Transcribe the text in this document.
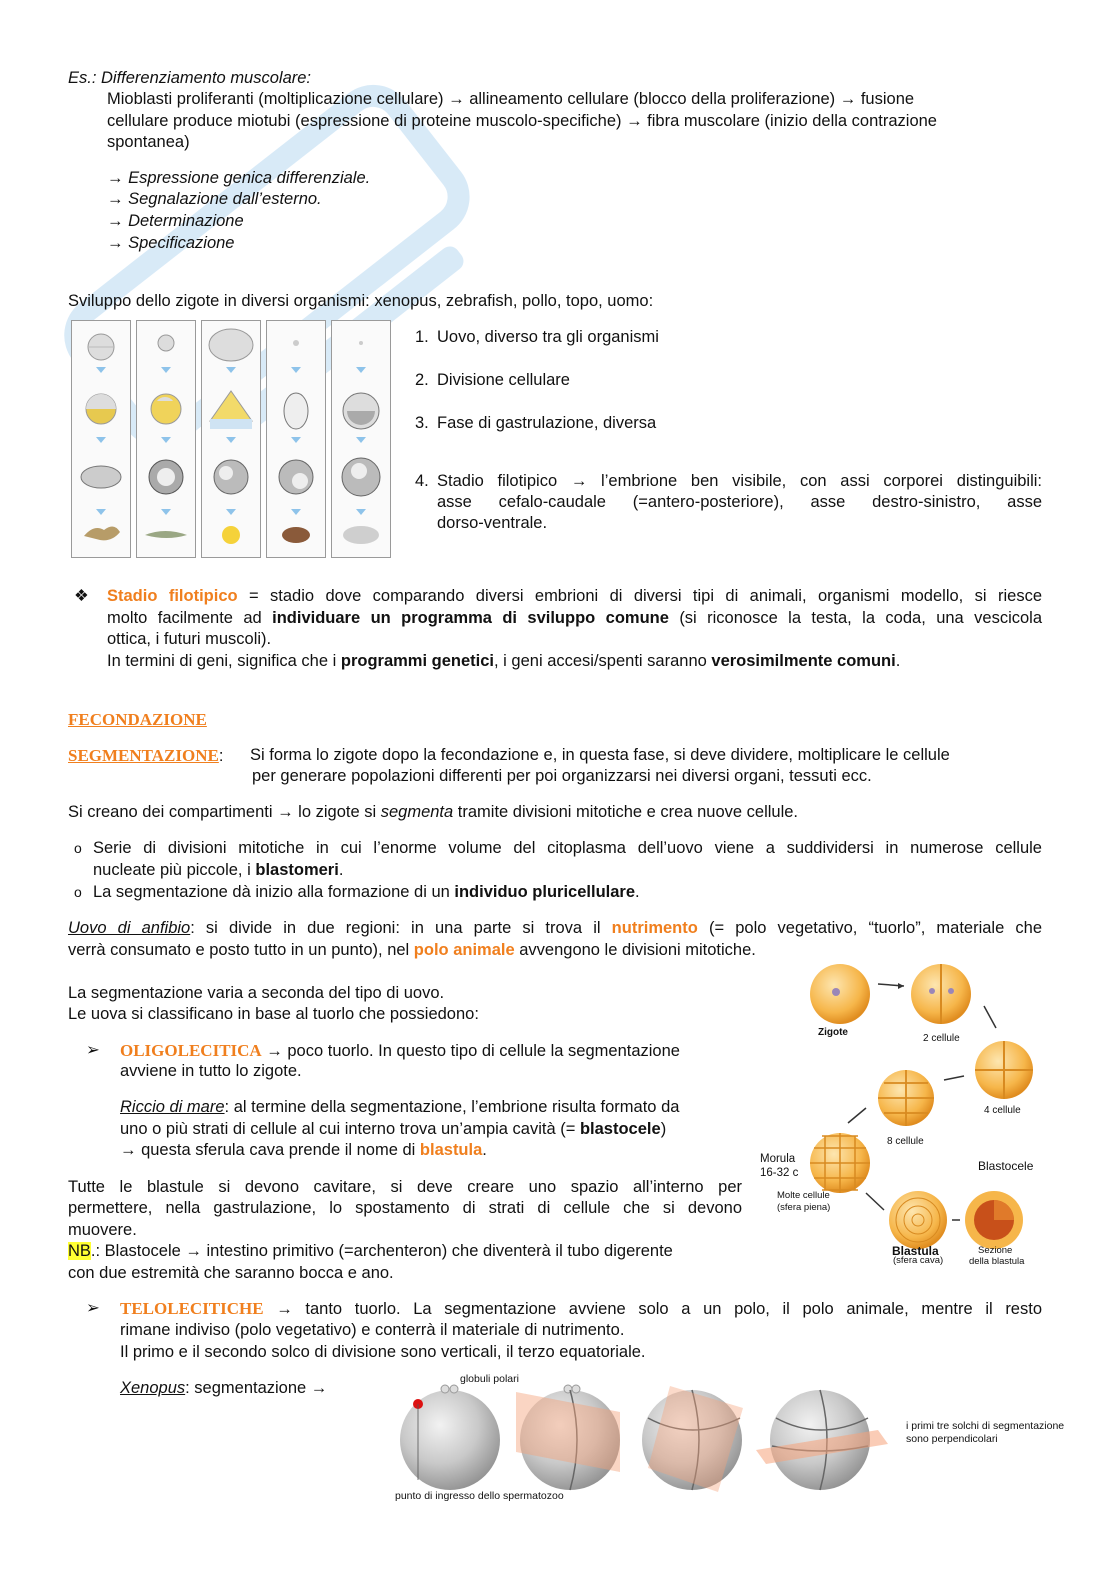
Es.: Differenziamento muscolare:
Mioblasti proliferanti (moltiplicazione cellulare) → allineamento cellulare (blocco della proliferazione) → fusione
cellulare produce miotubi (espressione di proteine muscolo-specifiche) → fibra muscolare (inizio della contrazione
spontanea)
→ Espressione genica differenziale.
→ Segnalazione dall’esterno.
→ Determinazione
→ Specificazione
Sviluppo dello zigote in diversi organismi: xenopus, zebrafish, pollo, topo, uomo:
1. Uovo, diverso tra gli organismi
2. Divisione cellulare
3. Fase di gastrulazione, diversa
4. Stadio filotipico → l’embrione ben visibile, con assi corporei distinguibili:
asse cefalo-caudale (=antero-posteriore), asse destro-sinistro, asse
dorso-ventrale.
❖ Stadio filotipico = stadio dove comparando diversi embrioni di diversi tipi di animali, organismi modello, si riesce
molto facilmente ad individuare un programma di sviluppo comune (si riconosce la testa, la coda, una vescicola
ottica, i futuri muscoli).
In termini di geni, significa che i programmi genetici, i geni accesi/spenti saranno verosimilmente comuni.
FECONDAZIONE
SEGMENTAZIONE: Si forma lo zigote dopo la fecondazione e, in questa fase, si deve dividere, moltiplicare le cellule
per generare popolazioni differenti per poi organizzarsi nei diversi organi, tessuti ecc.
Si creano dei compartimenti → lo zigote si segmenta tramite divisioni mitotiche e crea nuove cellule.
o Serie di divisioni mitotiche in cui l’enorme volume del citoplasma dell’uovo viene a suddividersi in numerose cellule
nucleate più piccole, i blastomeri.
o La segmentazione dà inizio alla formazione di un individuo pluricellulare.
Uovo di anfibio: si divide in due regioni: in una parte si trova il nutrimento (= polo vegetativo, “tuorlo”, materiale che
verrà consumato e posto tutto in un punto), nel polo animale avvengono le divisioni mitotiche.
La segmentazione varia a seconda del tipo di uovo.
Le uova si classificano in base al tuorlo che possiedono:
➢ OLIGOLECITICA → poco tuorlo. In questo tipo di cellule la segmentazione
avviene in tutto lo zigote.
Riccio di mare: al termine della segmentazione, l’embrione risulta formato da
uno o più strati di cellule al cui interno trova un’ampia cavità (= blastocele)
→ questa sferula cava prende il nome di blastula.
Tutte le blastule si devono cavitare, si deve creare uno spazio all’interno per
permettere, nella gastrulazione, lo spostamento di strati di cellule che si devono
muovere.
NB.: Blastocele → intestino primitivo (=archenteron) che diventerà il tubo digerente
con due estremità che saranno bocca e ano.
Zigote
2 cellule
4 cellule
8 cellule
Morula
16-32 c
Molte cellule
(sfera piena)
Blastocele
Blastula
(sfera cava)
Sezione
della blastula
➢ TELOLECITICHE → tanto tuorlo. La segmentazione avviene solo a un polo, il polo animale, mentre il resto
rimane indiviso (polo vegetativo) e conterrà il materiale di nutrimento.
Il primo e il secondo solco di divisione sono verticali, il terzo equatoriale.
Xenopus: segmentazione →	globuli polari
punto di ingresso dello spermatozoo
i primi tre solchi di segmentazione
sono perpendicolari
